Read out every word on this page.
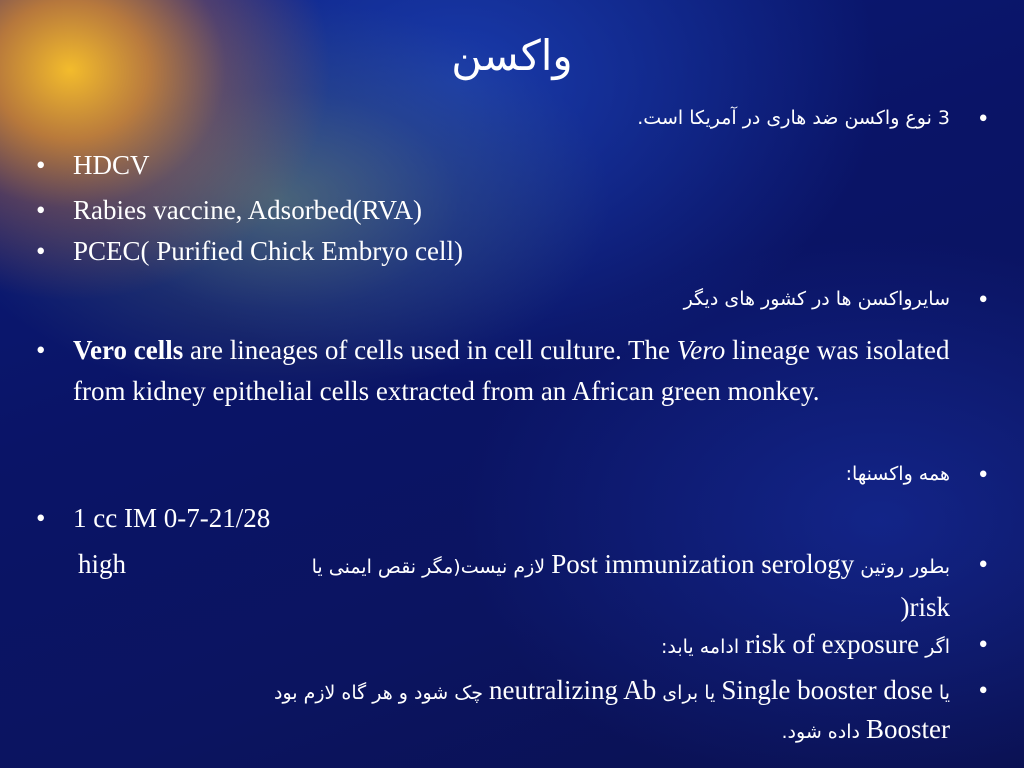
واکسن
•
3 نوع واکسن ضد هاری در آمریکا است.
•	HDCV
•	Rabies vaccine, Adsorbed(RVA)
•	PCEC( Purified Chick Embryo cell)
•
سایرواکسن ها در کشور های دیگر
•	Vero cells are lineages of cells used in cell culture. The Vero lineage was isolated from kidney epithelial cells extracted from an African green monkey.
•
همه واکسنها:
•	1 cc IM 0-7-21/28
•
بطور روتین Post immunization serology لازم نیست(مگر نقص ایمنی یا
risk(
high
•
اگر risk of exposure ادامه یابد:
•
یا Single booster dose یا برای neutralizing Ab چک شود و هر گاه لازم بود
Booster داده شود.
